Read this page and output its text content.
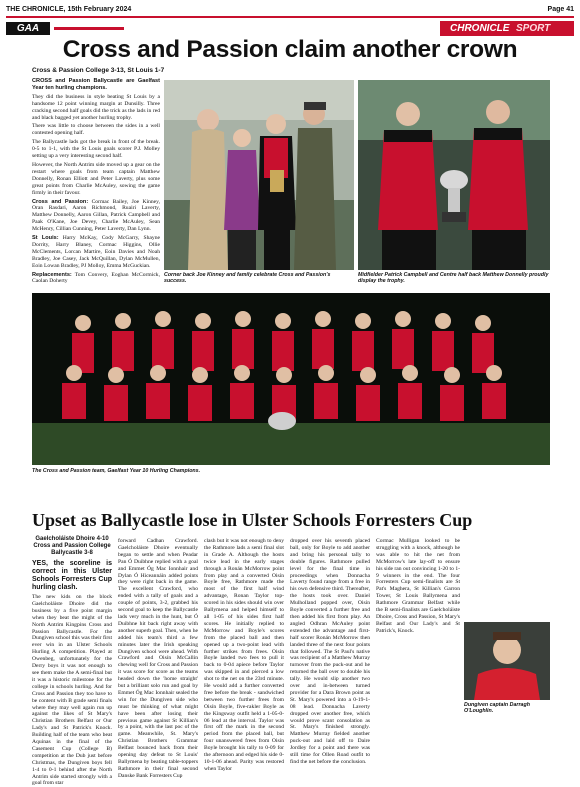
THE CHRONICLE, 15th February 2024	Page 41
GAA	CHRONICLE SPORT
Cross and Passion claim another crown
Cross & Passion College 3-13, St Louis 1-7

CROSS and Passion Ballycastle are Gaelfast Year ten hurling champions.

They did the business in style beating St Louis by a handsome 12 point winning margin at Dunsilly. Three cracking second half goals did the trick as the lads in red and black bagged yet another hurling trophy.

There was little to choose between the sides in a well contested opening half.

The Ballycastle lads got the break in front of the break. 0-5 to 1-1, with the St Louis goals scorer P.J. Molley setting up a very interesting second half.

However, the North Antrim side moved up a gear on the restart where goals from team captain Matthew Donnelly, Ronan Elliott and Peter Laverty, plus some great points from Charlie McAuley, sowing the game firmly in their favour.

Cross and Passion: Cormac Bailey, Joe Kinney, Oran Rasdari, Aaron Richmond, Ruairi Laverty, Matthew Donnelly, Aaron Gillan, Patrick Campbell and Paak O'Kane, Joe Devey, Charlie McAuley, Sean McHenry, Cillian Cunning, Peter Laverty, Dan Lynn.

St Louis: Harry McKay, Cody McGarry, Shayne Dorrity, Harry Blaney, Cormac Higgins, Ollie McClements, Lorcan Martire, Eoin Davies and Noah Bradley, Joe Casey, Jack McQuillan, Dylan McMullen, Eoin Lowan Bradley, PJ Molloy, Emma McGuckian.

Replacements: Tom Convery, Eoghan McCormick, Caolan Doherty

Corner back Joe Kinney and family celebrate Cross and Passion's success.
Midfielder Patrick Campbell and Centre half back Matthew Donnelly proudly display the trophy.
The Cross and Passion team, Gaelfast Year 10 Hurling Champions.
Upset as Ballycastle lose in Ulster Schools Forresters Cup
Gaelcholáiste Dhoire 4-10
Cross and Passion College
Ballycastle 3-8

YES, the scoreline is correct in this Ulster Schools Forresters Cup hurling clash.

The new kids on the block Gaelcholáiste Dhoire did the business by a five point margin when they beat the might of the North Antrim Kingpins Cross and Passion Ballycastle. For the Dungiven school this was their first ever win in an Ulster Schools Hurling A competition. Played at Owenbeg, unfortunately for the Derry boys it was not enough to see them make the A semi-final but it was a historic milestone for the college in schools hurling. And for Cross and Passion they too have to be content with B grade semi finals where they may well again run up against the likes of St Mary's Christian Brothers Belfast or Our Lady's and St Patrick's Knock. Building half of the team who beat Aquinas in the final of the Casement Cup (College B) competition at the Dub just before Christmas, the Dungiven boys fell 1-4 to 0-1 behind after the North Antrim side started strongly with a goal from star

forward Cadhan Crawford. Gaelcholáiste Dhoire eventually began to settle and when Peadar Pan Ó Duibhne replied with a goal and Emmet Óg Mac Ionnhair and Dylan Ó Hiceannáin added points they were right back in the game. The excellent Crawford, who ended with a tally of goals and a couple of points, 3-2, grabbed his second goal to keep the Ballycastle lads very much in the hunt, but Ó Duibhne hit back right away with another superb goal. Then, when he added his team's third a few minutes later the Irish speaking Dungiven school were ahead. With Crawford and Oisín McCallin chewing well for Cross and Passion it was score for score as the teams headed down the 'home straight' but a brilliant solo run and goal by Emmet Óg Mac Ionnhair sealed the win for the Dungiven side who must be thinking of what might have been after losing their previous game against St Killian's by a point, with the last poc of the game. Meanwhile, St. Mary's Christian Brothers Grammar Belfast bounced back from their opening day defeat to St Louis' Ballymena by beating table-toppers Rathmore in their final second Danske Bank Forresters Cup

clash but it was not enough to deny the Rathmore lads a semi final slot in Grade A. Although the hosts twice lead in the early stages through a Ronán McMorrow point from play and a converted Oisín Boyle free, Rathmore made the most of the first half wind advantage, Ronan Taylor top-scored in his sides should win over Ballymena and helped himself to all 1-05 of his sides first half scores. He initially replied to McMorrow and Boyle's scores from the placed ball and then opened up a two-point lead with further strikes from frees. Oisín Boyle landed two fees to pull it back to 0-04 apiece before Taylor was skipped in and pierced a low shot to the net on the 23rd minute. He would add a further converted free before the break - sandwiched between two further frees from Oisín Boyle, five-rakler Boyle as the Kingsway outfit held a 1-05-0-06 lead at the interval. Taylor was first off the mark in the second period from the placed ball, but four unanswered frees from Oisín Boyle brought his tally to 0-09 for the afternoon and edged his side 0-10-1-06 ahead. Parity was restored when Taylor

dropped over his seventh placed ball, only for Boyle to add another and bring his personal tally to double figures. Rathmore pulled level for the final time in proceedings when Donnacha Laverty found range from a free in his own defensive third. Thereafter, the hosts took over. Daniel Mulholland popped over, Oisín Boyle converted a further free and then added his first from play. An angled Odhran McAuley point extended the advantage and first-half scorer Ronán McMorrow then landed three of the next four points that followed. The St Paul's native was recipient of a Matthew Murray turnover from the puck-out and he returned the ball over to double his tally. He would slip another two over and in-between turned provider for a Dara Brown point as St. Mary's powered into a 0-19-1-08 lead. Donnacha Laverty dropped over another free, which would prove scant consolation as St. Mary's finished strongly. Matthew Murray fielded another puck-out and laid off to Daire Jordley for a point and there was still time for Ollen Road outfit to find the net before the conclusion.

Cormac Mulligan looked to be struggling with a knock, although he was able to hit the net from McMorrow's late lay-off to ensure his side ran out convincing 1-20 to 1-9 winners in the end. The four Forresters Cup semi-finalists are St Pat's Maghera, St Killian's Garron Tower, St Louis Ballymena and Rathmore Grammar Belfast while the B semi-finalists are Gaelcholáiste Dhoire, Cross and Passion, St Mary's Belfast and Our Lady's and St Patrick's, Knock.

Dungiven captain Darragh O'Loughlin.
